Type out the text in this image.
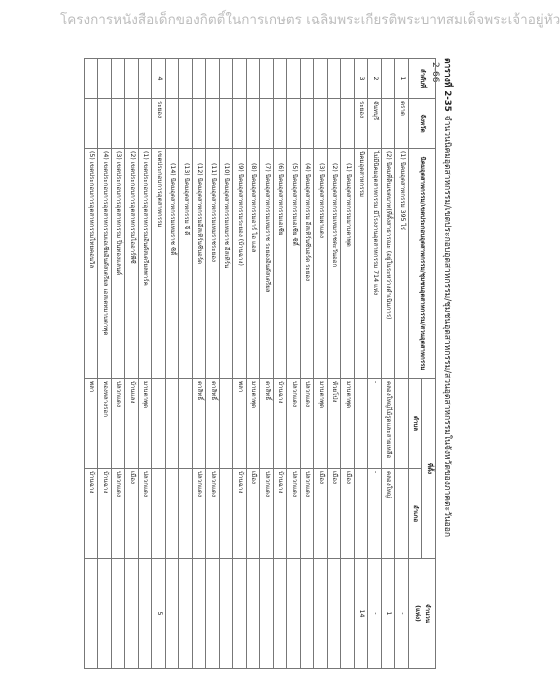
โครงการหนังสือเด็กของกิตติ์ในการเกษตร เฉลิมพระเกียรติพระบาทสมเด็จพระเจ้าอยู่หัว
2-66 ตารางที่ 2-35จำนวนนิคมอุตสาหกรรม/เขตประกอบอุตสาหกรรม/ชุมชนอุตสาหกรรม/สวนอุตสาหกรรมในจังหวัดของภาคตะวันออก
ลำดับที่	จังหวัด	นิคมอุตสาหกรรม/เขตประกอบอุตสาหกรรม/ชุมชนอุตสาหกรรม/สวนอุตสาหกรรม	ที่ตั้ง		จำนวน
(แห่ง)
			ตำบล	อำเภอ	
1	ตราด	(1) นิคมอุตสาหกรรม 395 ไร่			-
		(2) นิคมที่ดินเขตบาท(ที่ตั้งสาธารณะ (อยู่ในระหว่างดำเนินการ)	คลองใหญ่ไม้รูดและสายเหลือ	คลองใหญ่	1
2	จันทบุรี	ไม่มีนิคมอุตสาหกรรม มีโรงงานอุตสาหกรรม 714 แห่ง	-	-	-
3	ระยอง	นิคมอุตสาหกรรม			14
		(1) นิคมอุตสาหกรรมมาบตาพุด	มาบตาพุด	เมือง	
		(2) นิคมอุตสาหกรรมเหมราชตะวันออก	ห้วยโป่ง	เมือง	
		(3) นิคมอุตสาหกรรมผาแดง	มาบตาพุด	เมือง	
		(4) นิคมอุตสาหกรรม อีสเทิร์นซีบอร์ด ระยอง	ปลวกแดง	ปลวกแดง	
		(5) นิคมอุตสาหกรรมเอเชีย ซิตี้	ปลวกแดง	ปลวกแดง	
		(6) นิคมอุตสาหกรรมเอเชีย	บ้านฉาง	บ้านฉาง	
		(7) นิคมอุตสาหกรรมเหมราช ระยองอินดัสเตรียล	ตาสิทธิ์	ปลวกแดง	
		(8) นิคมอุตสาหกรรมอาร์ ไอ แอล	มาบตาพุด	เมือง	
		(9) นิคมอุตสาหกรรมระยอง (บ้านฉาง)	พลา	บ้านฉาง	
		(10) นิคมอุตสาหกรรมเหมราช อีสเทิร์น			
		(11) นิคมอุตสาหกรรมเหมราชระยอง	ตาสิทธิ์	ปลวกแดง	
		(12) นิคมอุตสาหกรรมอีสเทิร์นซีบอร์ด	ตาสิทธิ์	ปลวกแดง	
		(13) นิคมอุตสาหกรรม จี ดี			
		(14) นิคมอุตสาหกรรมเหมราช ซิตี้			
4	ระยอง	เขตประกอบการอุตสาหกรรม			5
		(1) เขตประกอบการอุตสาหกรรมอินดัสเตรียลพาร์ค	มาบตาพุด	ปลวกแดง	
		(2) เขตประกอบการอุตสาหกรรมไออาร์พีซี	บ้านแลง	เมือง	
		(3) เขตประกอบการอุตสาหกรรม ปิ่นทองแลนด์	ปลวกแดง	ปลวกแดง	
		(4) เขตประกอบการอุตสาหกรรมเอเชียอินดัสเตรียล เอสเตทมาบตาพุด	ทองหลางรอก	บ้านฉาง	
		(5) เขตประกอบการอุตสาหกรรมไทยคอนวิล	พลา	บ้านฉาง	
